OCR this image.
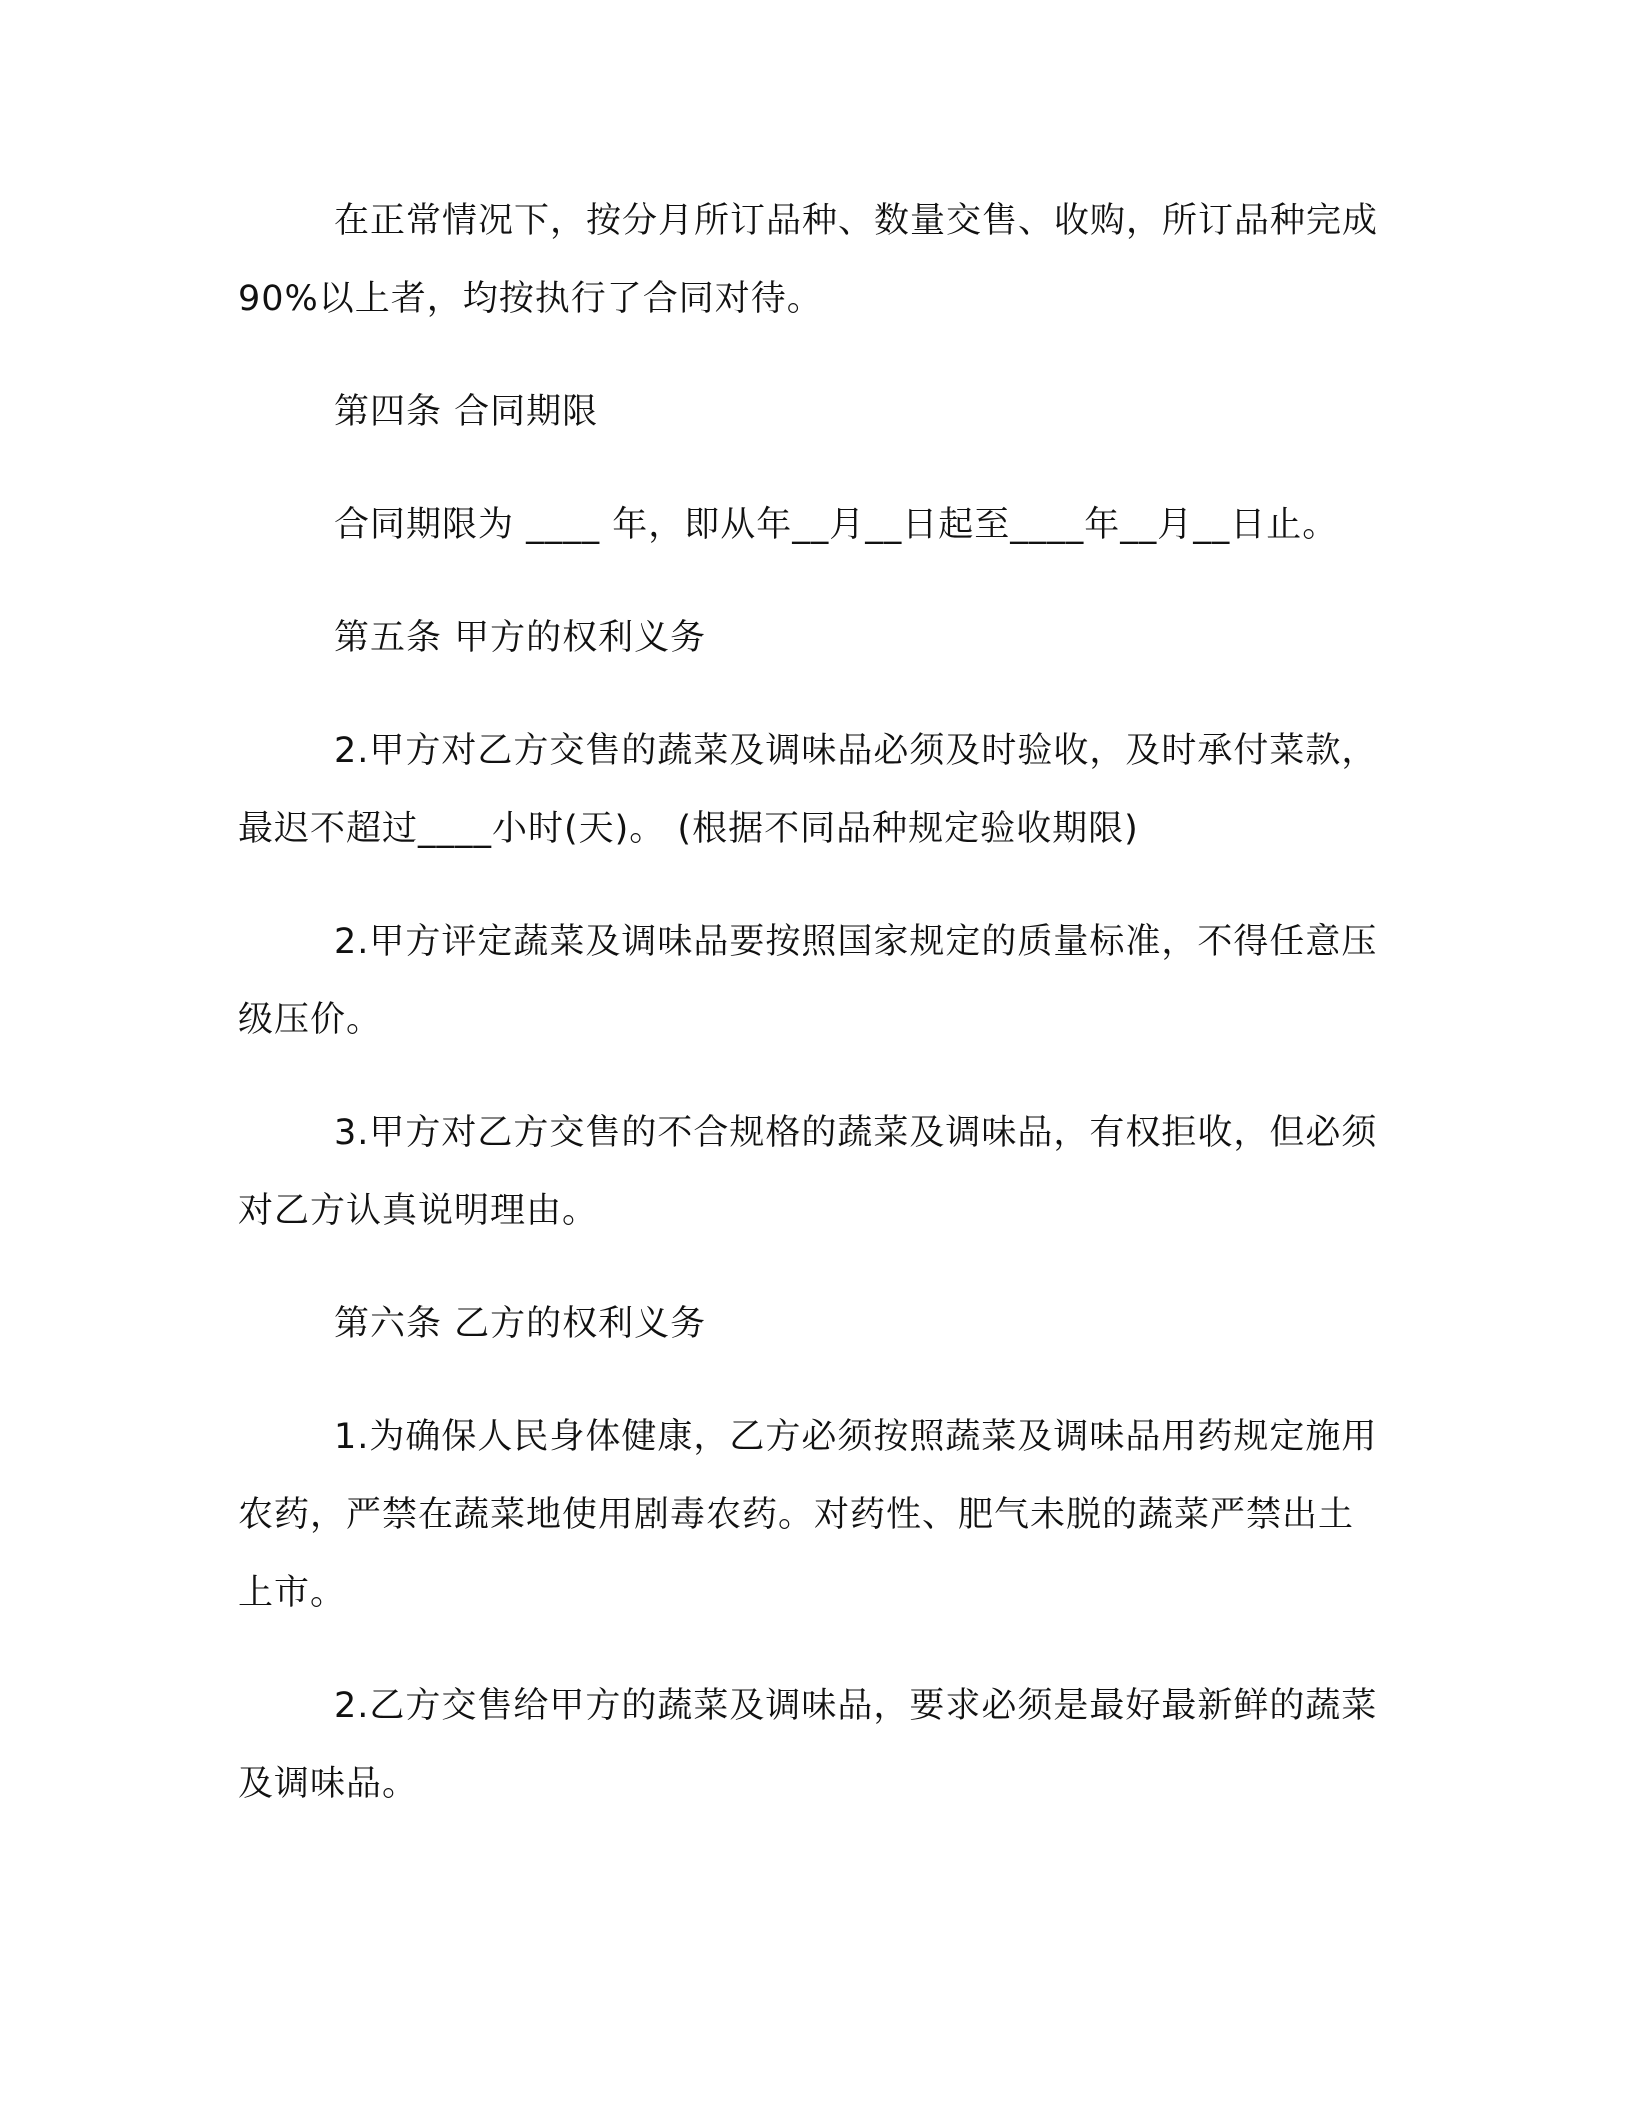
在正常情况下，按分月所订品种、数量交售、收购，所订品种完成 90%以上者，均按执行了合同对待。

第四条 合同期限

合同期限为 ____ 年，即从年__月__日起至____年__月__日止。

第五条 甲方的权利义务

2.甲方对乙方交售的蔬菜及调味品必须及时验收，及时承付菜款，最迟不超过____小时(天)。 (根据不同品种规定验收期限)

2.甲方评定蔬菜及调味品要按照国家规定的质量标准，不得任意压级压价。

3.甲方对乙方交售的不合规格的蔬菜及调味品，有权拒收，但必须对乙方认真说明理由。

第六条 乙方的权利义务

1.为确保人民身体健康，乙方必须按照蔬菜及调味品用药规定施用农药，严禁在蔬菜地使用剧毒农药。对药性、肥气未脱的蔬菜严禁出土上市。

2.乙方交售给甲方的蔬菜及调味品，要求必须是最好最新鲜的蔬菜及调味品。
